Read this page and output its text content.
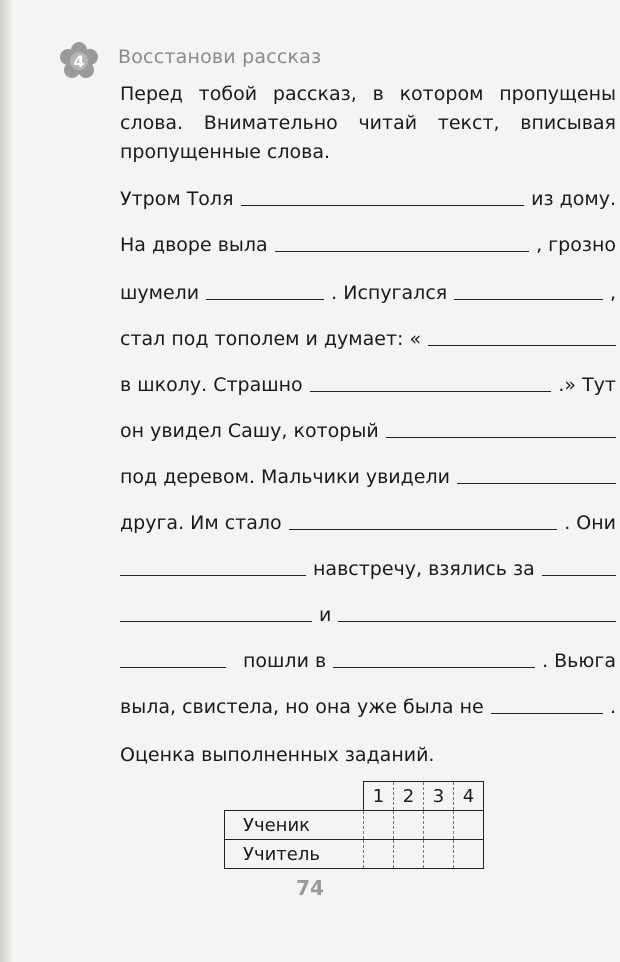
4 Восстанови рассказ
Перед тобой рассказ, в котором пропущены слова. Внимательно читай текст, вписывая пропущенные слова.
Утром Толя	из дому.
На дворе выла	, грозно
шумели	. Испугался	,
стал под тополем и думает: «
в школу. Страшно	.» Тут
он увидел Сашу, который
под деревом. Мальчики увидели
друга. Им стало	. Они
навстречу, взялись за
и
пошли в	. Вьюга
выла, свистела, но она уже была не	.
Оценка выполненных заданий.
	1	2	3	4
Ученик				
Учитель				
74
